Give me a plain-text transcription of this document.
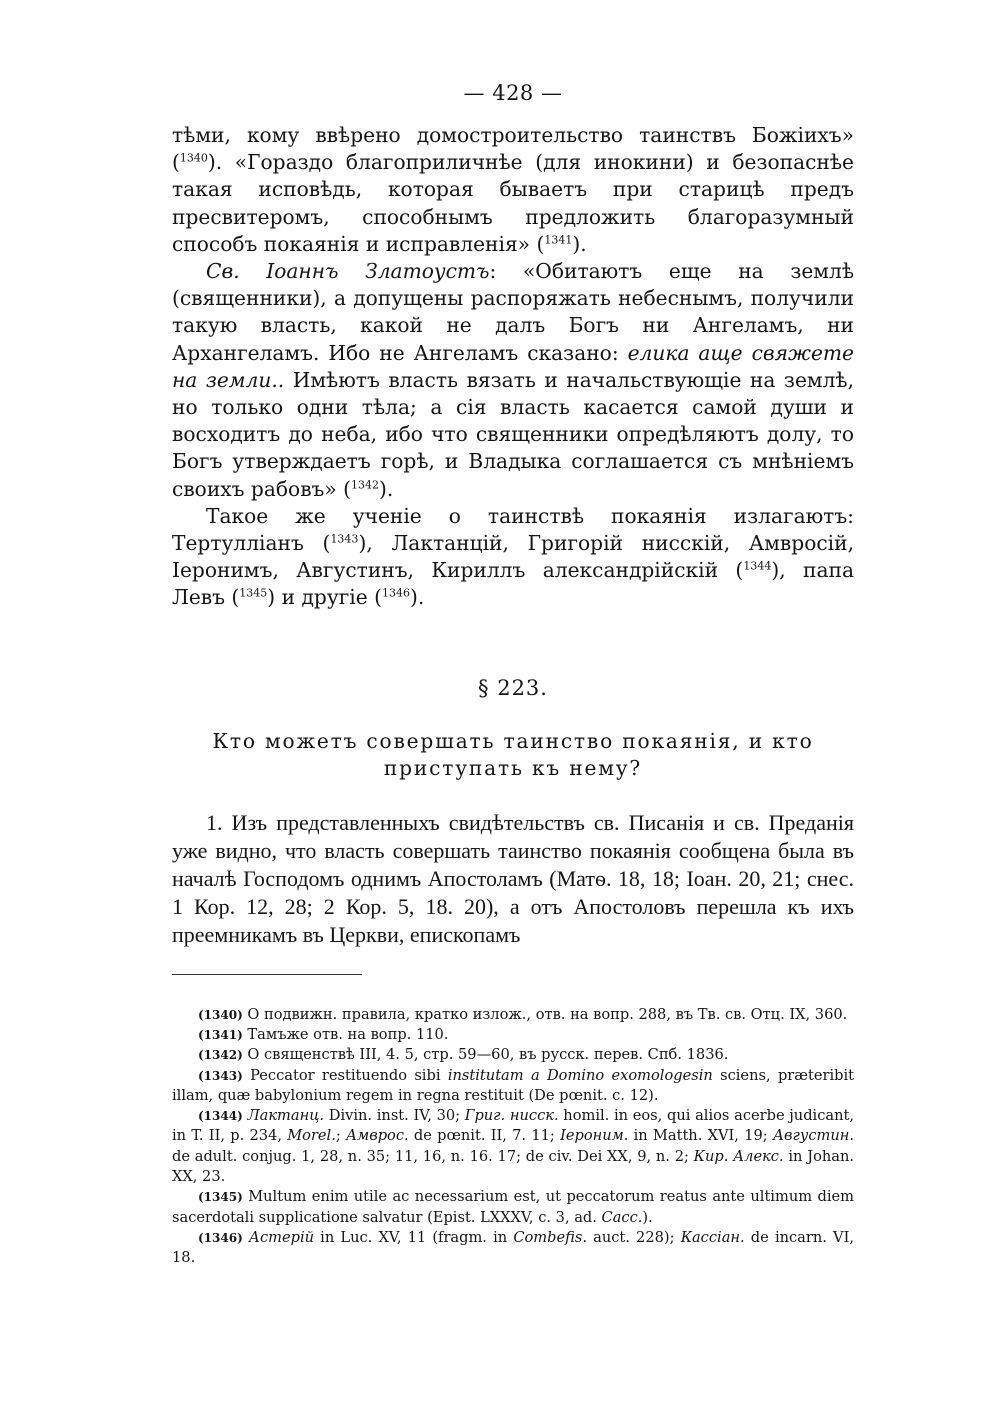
— 428 —

тѣми, кому ввѣрено домостроительство таинствъ Божіихъ» ($^{1340}$). «Гораздо благоприличнѣе (для инокини) и безопаснѣе такая исповѣдь, которая бываетъ при старицѣ предъ пресвитеромъ, способнымъ предложить благоразумный способъ покаянія и исправленія» ($^{1341}$).

Св. Іоаннъ Златоустъ: «Обитаютъ еще на землѣ (священники), а допущены распоряжать небеснымъ, получили такую власть, какой не далъ Богъ ни Ангеламъ, ни Архангеламъ. Ибо не Ангеламъ сказано: елика аще свяжете на земли.. Имѣютъ власть вязать и начальствующіе на землѣ, но только одни тѣла; а сія власть касается самой души и восходитъ до неба, ибо что священники опредѣляютъ долу, то Богъ утверждаетъ горѣ, и Владыка соглашается съ мнѣніемъ своихъ рабовъ» ($^{1342}$).

Такое же ученіе о таинствѣ покаянія излагаютъ: Тертулліанъ ($^{1343}$), Лактанцій, Григорій нисскій, Амвросій, Іеронимъ, Августинъ, Кириллъ александрійскій ($^{1344}$), папа Левъ ($^{1345}$) и другіе ($^{1346}$).

§ 223.
Кто можетъ совершать таинство покаянія, и кто приступать къ нему?

1. Изъ представленныхъ свидѣтельствъ св. Писанія и св. Преданія уже видно, что власть совершать таинство покаянія сообщена была въ началѣ Господомъ однимъ Апостоламъ (Матѳ. 18, 18; Іоан. 20, 21; снес. 1 Кор. 12, 28; 2 Кор. 5, 18. 20), а отъ Апостоловъ перешла къ ихъ преемникамъ въ Церкви, епископамъ

(1340) О подвижн. правила, кратко излож., отв. на вопр. 288, въ Тв. св. Отц. IX, 360.

(1341) Тамъже отв. на вопр. 110.

(1342) О священствѣ III, 4. 5, стр. 59—60, въ русск. перев. Спб. 1836.

(1343) Peccator restituendo sibi institutam a Domino exomologesin sciens, præteribit illam, quæ babylonium regem in regna restituit (De pœnit. c. 12).

(1344) Лактанц. Divin. inst. IV, 30; Григ. нисск. homil. in eos, qui alios acerbe judicant, in T. II, p. 234, Morel.; Амврос. de pœnit. II, 7. 11; Іероним. in Matth. XVI, 19; Августин. de adult. conjug. 1, 28, n. 35; 11, 16, n. 16. 17; de civ. Dei XX, 9, n. 2; Кир. Алекс. in Johan. XX, 23.

(1345) Multum enim utile ac necessarium est, ut peccatorum reatus ante ultimum diem sacerdotali supplicatione salvatur (Epist. LXXXV, c. 3, ad. Cacc.).

(1346) Астерій in Luc. XV, 11 (fragm. in Combefis. auct. 228); Кассіан. de incarn. VI, 18.
